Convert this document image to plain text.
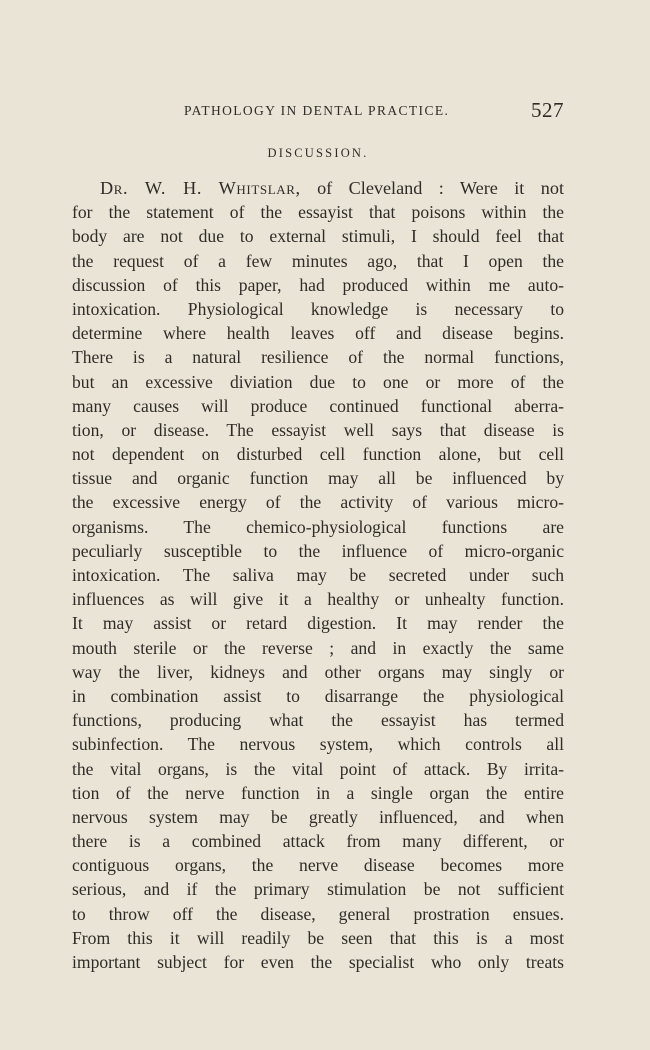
PATHOLOGY IN DENTAL PRACTICE.	527
DISCUSSION.
Dr. W. H. Whitslar, of Cleveland : Were it not
for the statement of the essayist that poisons within the
body are not due to external stimuli, I should feel that
the request of a few minutes ago, that I open the
discussion of this paper, had produced within me auto-
intoxication. Physiological knowledge is necessary to
determine where health leaves off and disease begins.
There is a natural resilience of the normal functions,
but an excessive diviation due to one or more of the
many causes will produce continued functional aberra-
tion, or disease. The essayist well says that disease is
not dependent on disturbed cell function alone, but cell
tissue and organic function may all be influenced by
the excessive energy of the activity of various micro-
organisms. The chemico-physiological functions are
peculiarly susceptible to the influence of micro-organic
intoxication. The saliva may be secreted under such
influences as will give it a healthy or unhealty function.
It may assist or retard digestion. It may render the
mouth sterile or the reverse ; and in exactly the same
way the liver, kidneys and other organs may singly or
in combination assist to disarrange the physiological
functions, producing what the essayist has termed
subinfection. The nervous system, which controls all
the vital organs, is the vital point of attack. By irrita-
tion of the nerve function in a single organ the entire
nervous system may be greatly influenced, and when
there is a combined attack from many different, or
contiguous organs, the nerve disease becomes more
serious, and if the primary stimulation be not sufficient
to throw off the disease, general prostration ensues.
From this it will readily be seen that this is a most
important subject for even the specialist who only treats
